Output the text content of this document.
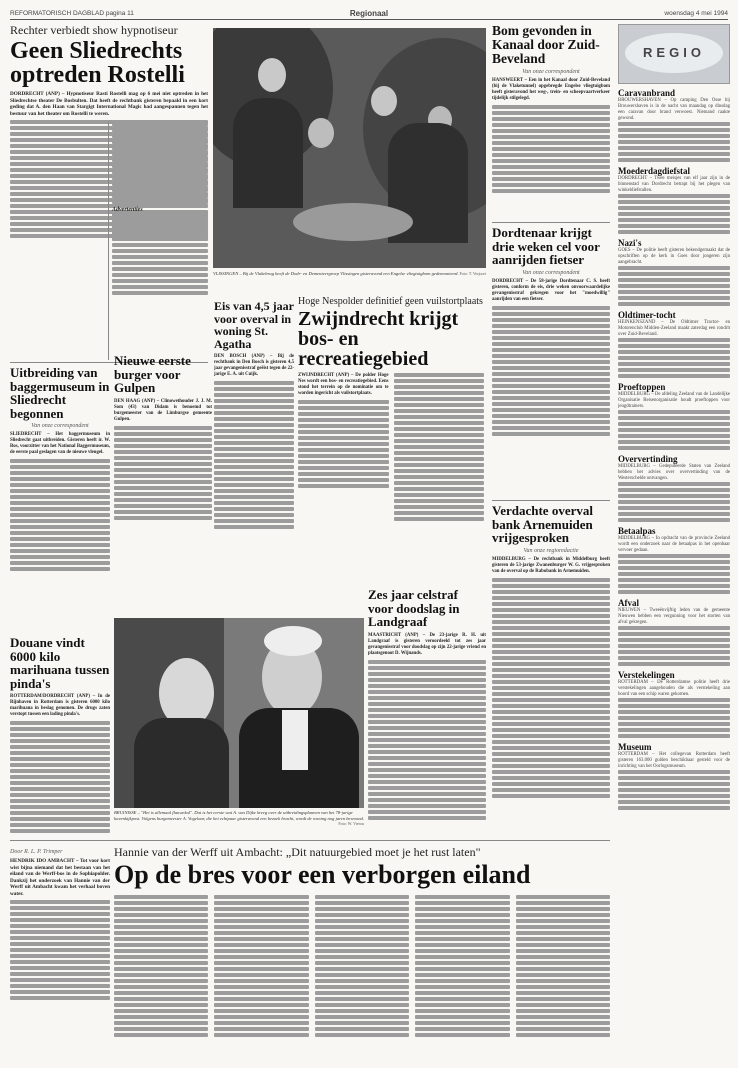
REFORMATORISCH DAGBLAD pagina 11	Regionaal	woensdag 4 mei 1994
Rechter verbiedt show hypnotiseur
Geen Sliedrechts optreden Rostelli
DORDRECHT (ANP) – Hypnotiseur Rasti Rostelli mag op 6 mei niet optreden in het Sliedrechtse theater De Bosbulten. Dat heeft de rechtbank gisteren bepaald in een kort geding dat A. den Haan van Stargigt International Magic had aangespannen tegen het bestuur van het theater om Rostelli te weren.
Advertenties
VLISSINGEN – Bij de Vlakebrug heeft de Dodr- en Dementeergroep Vlissingen gisteravond een Engelse vliegtuigbom gedemonteerd. Foto: T. Verjoort
Uitbreiding van baggermuseum in Sliedrecht begonnen
Van onze correspondent
SLIEDRECHT – Het baggermuseum in Sliedrecht gaat uitbreiden. Gisteren heeft ir. W. Bos, voorzitter van het National Baggermuseum, de eerste paal geslagen van de nieuwe vleugel.
Nieuwe eerste burger voor Gulpen
DEN HAAG (ANP) – Clinowethouder J. J. M. Som (43) van Didam is benoemd tot burgemeester van de Limburgse gemeente Gulpen.
Eis van 4,5 jaar voor overval in woning St. Agatha
DEN BOSCH (ANP) – Bij de rechtbank in Den Bosch is gisteren 4,5 jaar gevangenisstraf geëist tegen de 22-jarige E. A. uit Cuijk.
Hoge Nespolder definitief geen vuilstortplaats
Zwijndrecht krijgt bos- en recreatiegebied
ZWIJNDRECHT (ANP) – De polder Hoge Nes wordt een bos- en recreatiegebied. Eens stond het terrein op de nominatie om te worden ingericht als vuilstortplaats.
Bom gevonden in Kanaal door Zuid-Beveland
Van onze correspondent
HANSWEERT – Een in het Kanaal door Zuid-Beveland (bij de Vlaketunnel) opgebregde Engelse vliegtuigbom heeft gisteravond het weg-, trein- en scheepvaartverkeer tijdelijk stilgelegd.
Dordtenaar krijgt drie weken cel voor aanrijden fietser
Van onze correspondent
DORDRECHT – De 58-jarige Dordtenaar C. S. heeft gisteren, conform de eis, drie weken onvoorwaardelijke gevangenisstraf gekregen voor het "moedwillig" aanrijden van een fietser.
Verdachte overval bank Arnemuiden vrijgesproken
Van onze regioredactie
MIDDELBURG – De rechtbank in Middelburg heeft gisteren de 53-jarige Zwanenburger W. G. vrijgesproken van de overval op de Rabobank in Arnemuiden.
Zes jaar celstraf voor doodslag in Landgraaf
MAASTRICHT (ANP) – De 23-jarige R. H. uit Landgraaf is gisteren veroordeeld tot zes jaar gevangenisstraf voor doodslag op zijn 22-jarige vriend en plaatsgenoot D. Wijnands.
BRUINISSE – "Het is allemaal flauwekul". Dat is het eerste wat A. van Dijke kreeg over de uitbreidingsplannen van het 78-jarige havenkijkpost. Volgens burgemeester A. Vogelaar, die het echtpaar gisteravond een bezoek bracht, wordt de woning nog jaren bewoond.
Foto: W. Vierou
Douane vindt 6000 kilo marihuana tussen pinda's
ROTTERDAM/DORDRECHT (ANP) – In de Rijnhaven in Rotterdam is gisteren 6000 kilo marihuana in beslag genomen. De drugs zaten verstopt tussen een lading pinda's.
Door R. L. P. Trimper
HENDRIK IDO AMBACHT – Tot voor kort wist bijna niemand dat het bestaan van het eiland van de Werff-bos in de Sophiapolder. Dankzij het onderzoek van Hannie van der Werff uit Ambacht kwam het verhaal boven water.
Hannie van der Werff uit Ambacht: „Dit natuurgebied moet je het rust laten"
Op de bres voor een verborgen eiland
REGIO
Caravanbrand
BROUWERSHAVEN – Op camping Den Osse bij Brouwershaven is in de nacht van maandag op dinsdag een caravan door brand verwoest. Niemand raakte gewond.
Moederdagdiefstal
DORDRECHT – Twee meisjes van elf jaar zijn in de binnenstad van Dordrecht betrapt bij het plegen van winkeldiefstallen.
Nazi's
GOES – De politie heeft gisteren bekendgemaakt dat de opschriften op de kerk in Goes door jongeren zijn aangebracht.
Oldtimer-tocht
HEINKENSZAND – De Oldtimer Tractor- en Motorenclub Midden-Zeeland maakt zaterdag een rondrit over Zuid-Beveland.
Proeftoppen
MIDDELBURG – De afdeling Zeeland van de Landelijke Organisatie Reisenorganisatie houdt proeftoppen voor jeugdtrainers.
Oververtinding
MIDDELBURG – Gedeputeerde Staten van Zeeland hebben het advies over oververtinding van de Westerschelde ontvangen.
Betaalpas
MIDDELBURG – In opdracht van de provincie Zeeland wordt een onderzoek naar de betaalpas in het openbaar vervoer gedaan.
Afval
NIEUWEN – Tweeënvijftig leden van de gemeente Nieuwen hebben een vergunning voor het storten van afval gekregen.
Verstekelingen
ROTTERDAM – De Rotterdamse politie heeft drie verstekelingen aangehouden die als verstekeling aan boord van een schip waren gekomen.
Museum
ROTTERDAM – Het collegevan Rotterdam heeft gisteren 163.000 gulden beschikbaar gesteld voor de inrichting van het Oorlogsmuseum.
